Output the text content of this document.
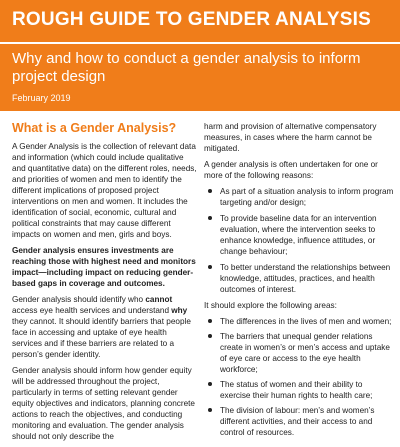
ROUGH GUIDE TO GENDER ANALYSIS
Why and how to conduct a gender analysis to inform project design
February 2019
What is a Gender Analysis?

A Gender Analysis is the collection of relevant data and information (which could include qualitative and quantitative data) on the different roles, needs, and priorities of women and men to identify the different implications of proposed project interventions on men and women. It includes the identification of social, economic, cultural and political constraints that may cause different impacts on women and men, girls and boys.

Gender analysis ensures investments are reaching those with highest need and monitors impact—including impact on reducing gender-based gaps in coverage and outcomes.

Gender analysis should identify who cannot access eye health services and understand why they cannot. It should identify barriers that people face in accessing and uptake of eye health services and if these barriers are related to a person’s gender identity.

Gender analysis should inform how gender equity will be addressed throughout the project, particularly in terms of setting relevant gender equity objectives and indicators, planning concrete actions to reach the objectives, and conducting monitoring and evaluation. The gender analysis should not only describe the

harm and provision of alternative compensatory measures, in cases where the harm cannot be mitigated.

A gender analysis is often undertaken for one or more of the following reasons:

As part of a situation analysis to inform program targeting and/or design;
To provide baseline data for an intervention evaluation, where the intervention seeks to enhance knowledge, influence attitudes, or change behaviour;
To better understand the relationships between knowledge, attitudes, practices, and health outcomes of interest.

It should explore the following areas:

The differences in the lives of men and women;
The barriers that unequal gender relations create in women’s or men’s access and uptake of eye care or access to the eye health workforce;
The status of women and their ability to exercise their human rights to health care;
The division of labour: men’s and women’s different activities, and their access to and control of resources.
